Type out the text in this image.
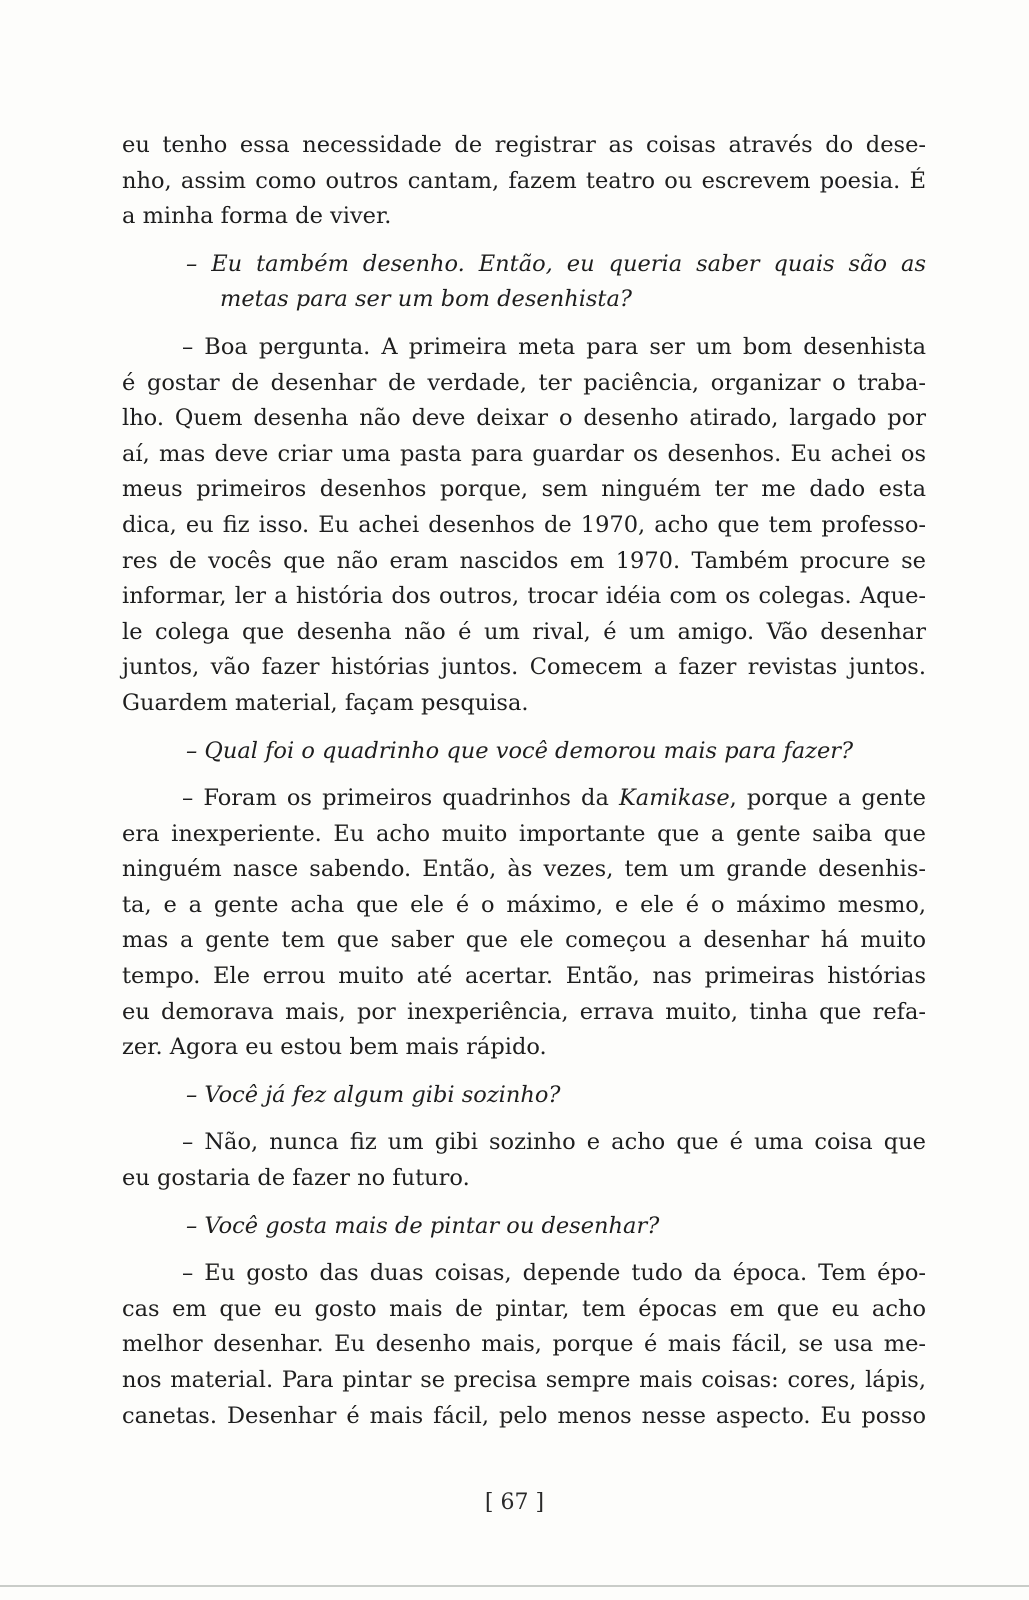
eu tenho essa necessidade de registrar as coisas através do dese-
nho, assim como outros cantam, fazem teatro ou escrevem poesia. É
a minha forma de viver.
– Eu também desenho. Então, eu queria saber quais são as
metas para ser um bom desenhista?
– Boa pergunta. A primeira meta para ser um bom desenhista
é gostar de desenhar de verdade, ter paciência, organizar o traba-
lho. Quem desenha não deve deixar o desenho atirado, largado por
aí, mas deve criar uma pasta para guardar os desenhos. Eu achei os
meus primeiros desenhos porque, sem ninguém ter me dado esta
dica, eu fiz isso. Eu achei desenhos de 1970, acho que tem professo-
res de vocês que não eram nascidos em 1970. Também procure se
informar, ler a história dos outros, trocar idéia com os colegas. Aque-
le colega que desenha não é um rival, é um amigo. Vão desenhar
juntos, vão fazer histórias juntos. Comecem a fazer revistas juntos.
Guardem material, façam pesquisa.
– Qual foi o quadrinho que você demorou mais para fazer?
– Foram os primeiros quadrinhos da Kamikase, porque a gente
era inexperiente. Eu acho muito importante que a gente saiba que
ninguém nasce sabendo. Então, às vezes, tem um grande desenhis-
ta, e a gente acha que ele é o máximo, e ele é o máximo mesmo,
mas a gente tem que saber que ele começou a desenhar há muito
tempo. Ele errou muito até acertar. Então, nas primeiras histórias
eu demorava mais, por inexperiência, errava muito, tinha que refa-
zer. Agora eu estou bem mais rápido.
– Você já fez algum gibi sozinho?
– Não, nunca fiz um gibi sozinho e acho que é uma coisa que
eu gostaria de fazer no futuro.
– Você gosta mais de pintar ou desenhar?
– Eu gosto das duas coisas, depende tudo da época. Tem épo-
cas em que eu gosto mais de pintar, tem épocas em que eu acho
melhor desenhar. Eu desenho mais, porque é mais fácil, se usa me-
nos material. Para pintar se precisa sempre mais coisas: cores, lápis,
canetas. Desenhar é mais fácil, pelo menos nesse aspecto. Eu posso
[ 67 ]
